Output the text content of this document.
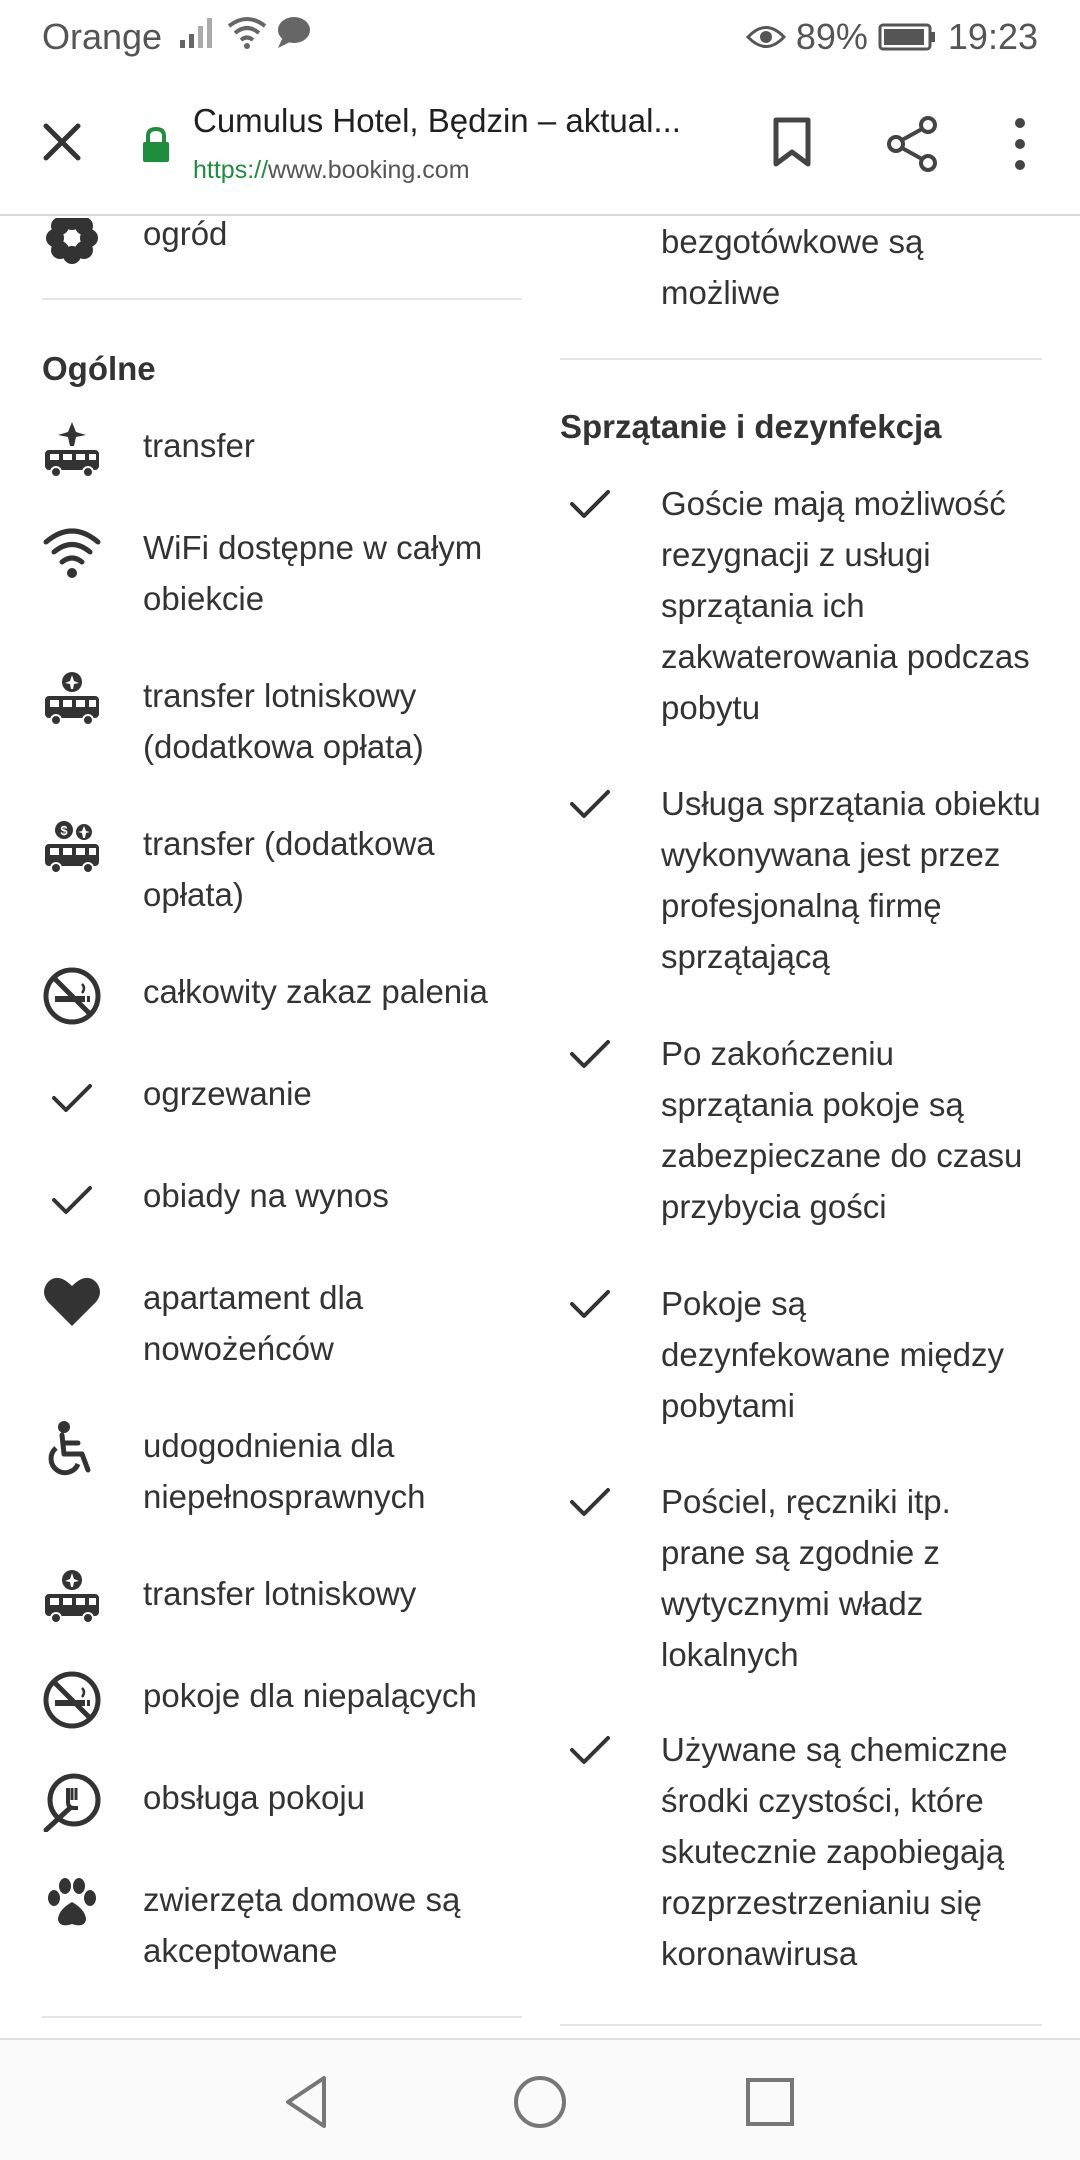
Orange	89% 19:23
Cumulus Hotel, Będzin – aktual...
https://www.booking.com
ogród
Ogólne
transfer
WiFi dostępne w całym obiekcie
transfer lotniskowy (dodatkowa opłata)
$ transfer (dodatkowa opłata)
całkowity zakaz palenia
ogrzewanie
obiady na wynos
apartament dla nowożeńców
udogodnienia dla niepełnosprawnych
transfer lotniskowy
pokoje dla niepalących
obsługa pokoju
zwierzęta domowe są akceptowane
bezgotówkowe są możliwe
Sprzątanie i dezynfekcja
Goście mają możliwość rezygnacji z usługi sprzątania ich zakwaterowania podczas pobytu
Usługa sprzątania obiektu wykonywana jest przez profesjonalną firmę sprzątającą
Po zakończeniu sprzątania pokoje są zabezpieczane do czasu przybycia gości
Pokoje są dezynfekowane między pobytami
Pościel, ręczniki itp. prane są zgodnie z wytycznymi władz lokalnych
Używane są chemiczne środki czystości, które skutecznie zapobiegają rozprzestrzenianiu się koronawirusa
